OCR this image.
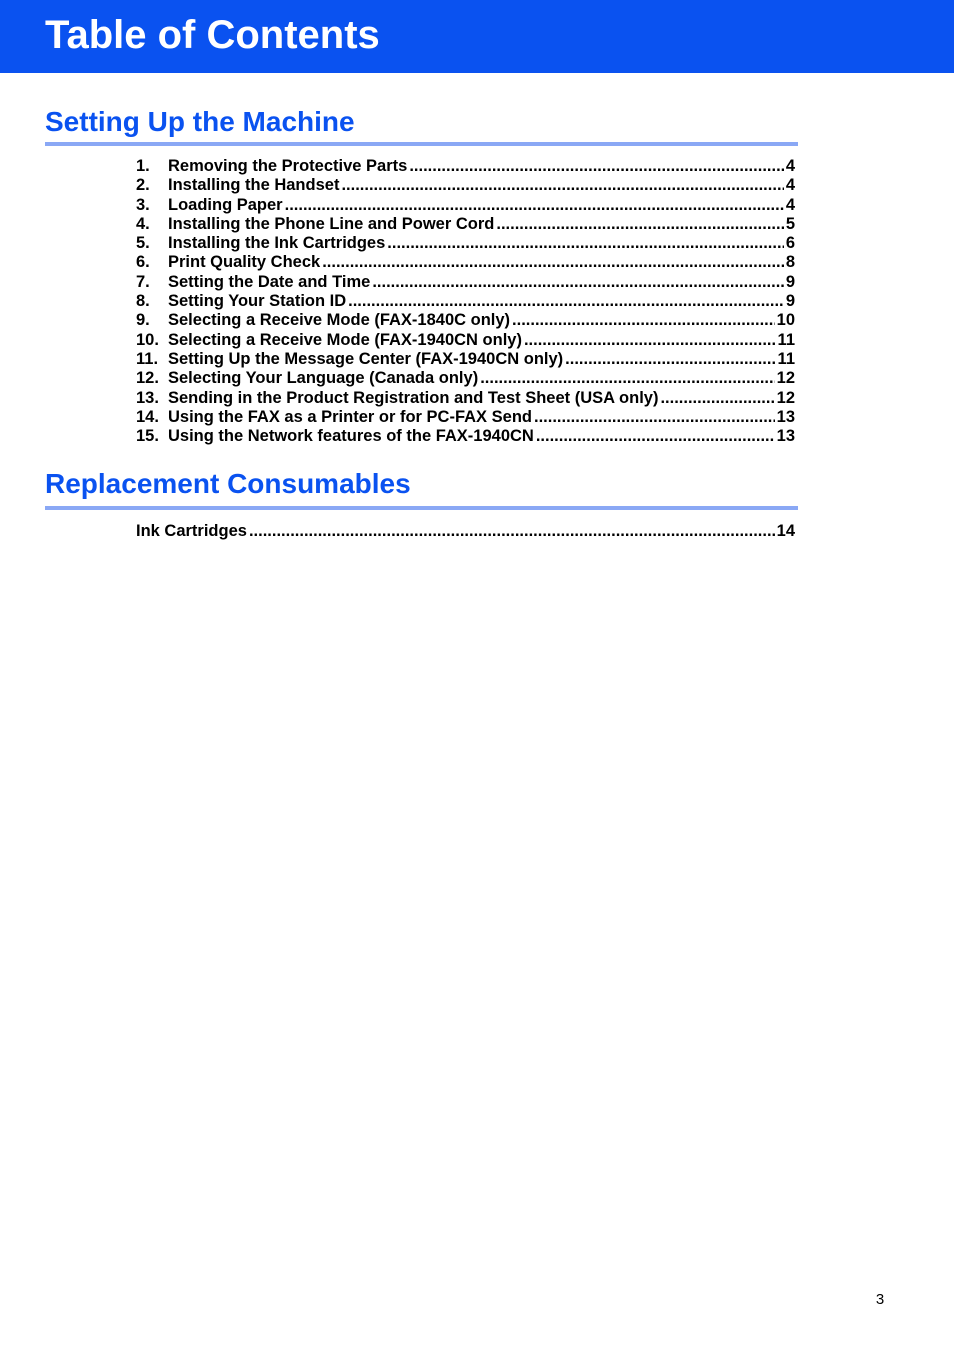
Table of Contents
Setting Up the Machine
1.	Removing the Protective Parts .....	4
2.	Installing the Handset .....	4
3.	Loading Paper .....	4
4.	Installing the Phone Line and Power Cord .....	5
5.	Installing the Ink Cartridges .....	6
6.	Print Quality Check .....	8
7.	Setting the Date and Time .....	9
8.	Setting Your Station ID .....	9
9.	Selecting a Receive Mode (FAX-1840C only) .....	10
10. Selecting a Receive Mode (FAX-1940CN only) .....	11
11. Setting Up the Message Center (FAX-1940CN only) .....	11
12. Selecting Your Language (Canada only) .....	12
13. Sending in the Product Registration and Test Sheet (USA only) .....	12
14. Using the FAX as a Printer or for PC-FAX Send .....	13
15. Using the Network features of the FAX-1940CN .....	13
Replacement Consumables
Ink Cartridges .....	14
3
